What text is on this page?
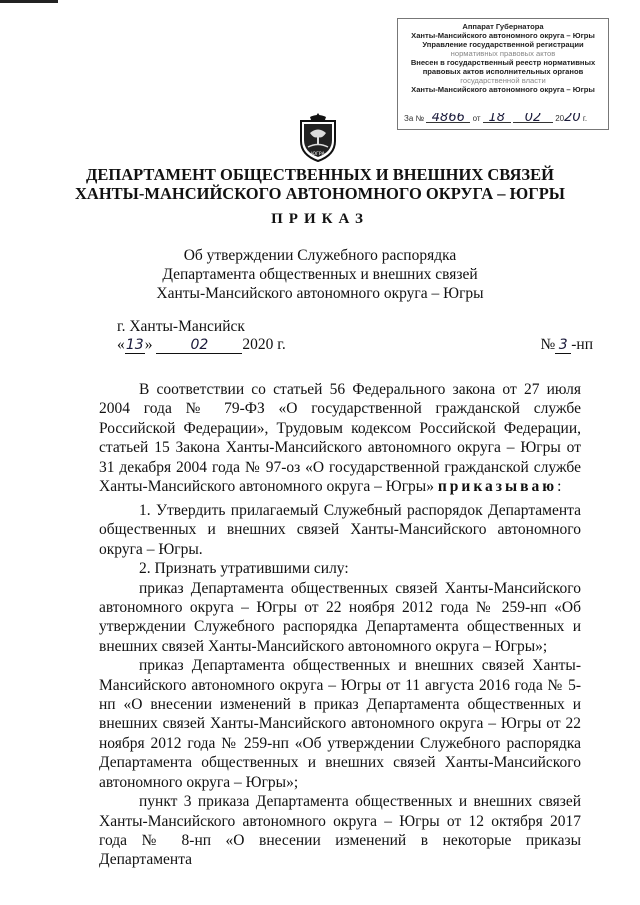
Аппарат Губернатора
Ханты-Мансийского автономного округа – Югры
Управление государственной регистрации
нормативных правовых актов
Внесен в государственный реестр нормативных
правовых актов исполнительных органов
государственной власти
Ханты-Мансийского автономного округа – Югры
За № 4866 от 18 02 2020 г.
ЮГРА
ДЕПАРТАМЕНТ ОБЩЕСТВЕННЫХ И ВНЕШНИХ СВЯЗЕЙ
ХАНТЫ-МАНСИЙСКОГО АВТОНОМНОГО ОКРУГА – ЮГРЫ
ПРИКАЗ
Об утверждении Служебного распорядка
Департамента общественных и внешних связей
Ханты-Мансийского автономного округа – Югры
г. Ханты-Мансийск
«13»	02 2020 г.	№ 3 -нп

В соответствии со статьей 56 Федерального закона от 27 июля 2004 года № 79-ФЗ «О государственной гражданской службе Российской Федерации», Трудовым кодексом Российской Федерации, статьей 15 Закона Ханты-Мансийского автономного округа – Югры от 31 декабря 2004 года № 97-оз «О государственной гражданской службе Ханты-Мансийского автономного округа – Югры» приказываю:

1. Утвердить прилагаемый Служебный распорядок Департамента общественных и внешних связей Ханты-Мансийского автономного округа – Югры.

2. Признать утратившими силу:

приказ Департамента общественных связей Ханты-Мансийского автономного округа – Югры от 22 ноября 2012 года № 259-нп «Об утверждении Служебного распорядка Департамента общественных и внешних связей Ханты-Мансийского автономного округа – Югры»;

приказ Департамента общественных и внешних связей Ханты-Мансийского автономного округа – Югры от 11 августа 2016 года № 5-нп «О внесении изменений в приказ Департамента общественных и внешних связей Ханты-Мансийского автономного округа – Югры от 22 ноября 2012 года № 259-нп «Об утверждении Служебного распорядка Департамента общественных и внешних связей Ханты-Мансийского автономного округа – Югры»;

пункт 3 приказа Департамента общественных и внешних связей Ханты-Мансийского автономного округа – Югры от 12 октября 2017 года № 8-нп «О внесении изменений в некоторые приказы Департамента
